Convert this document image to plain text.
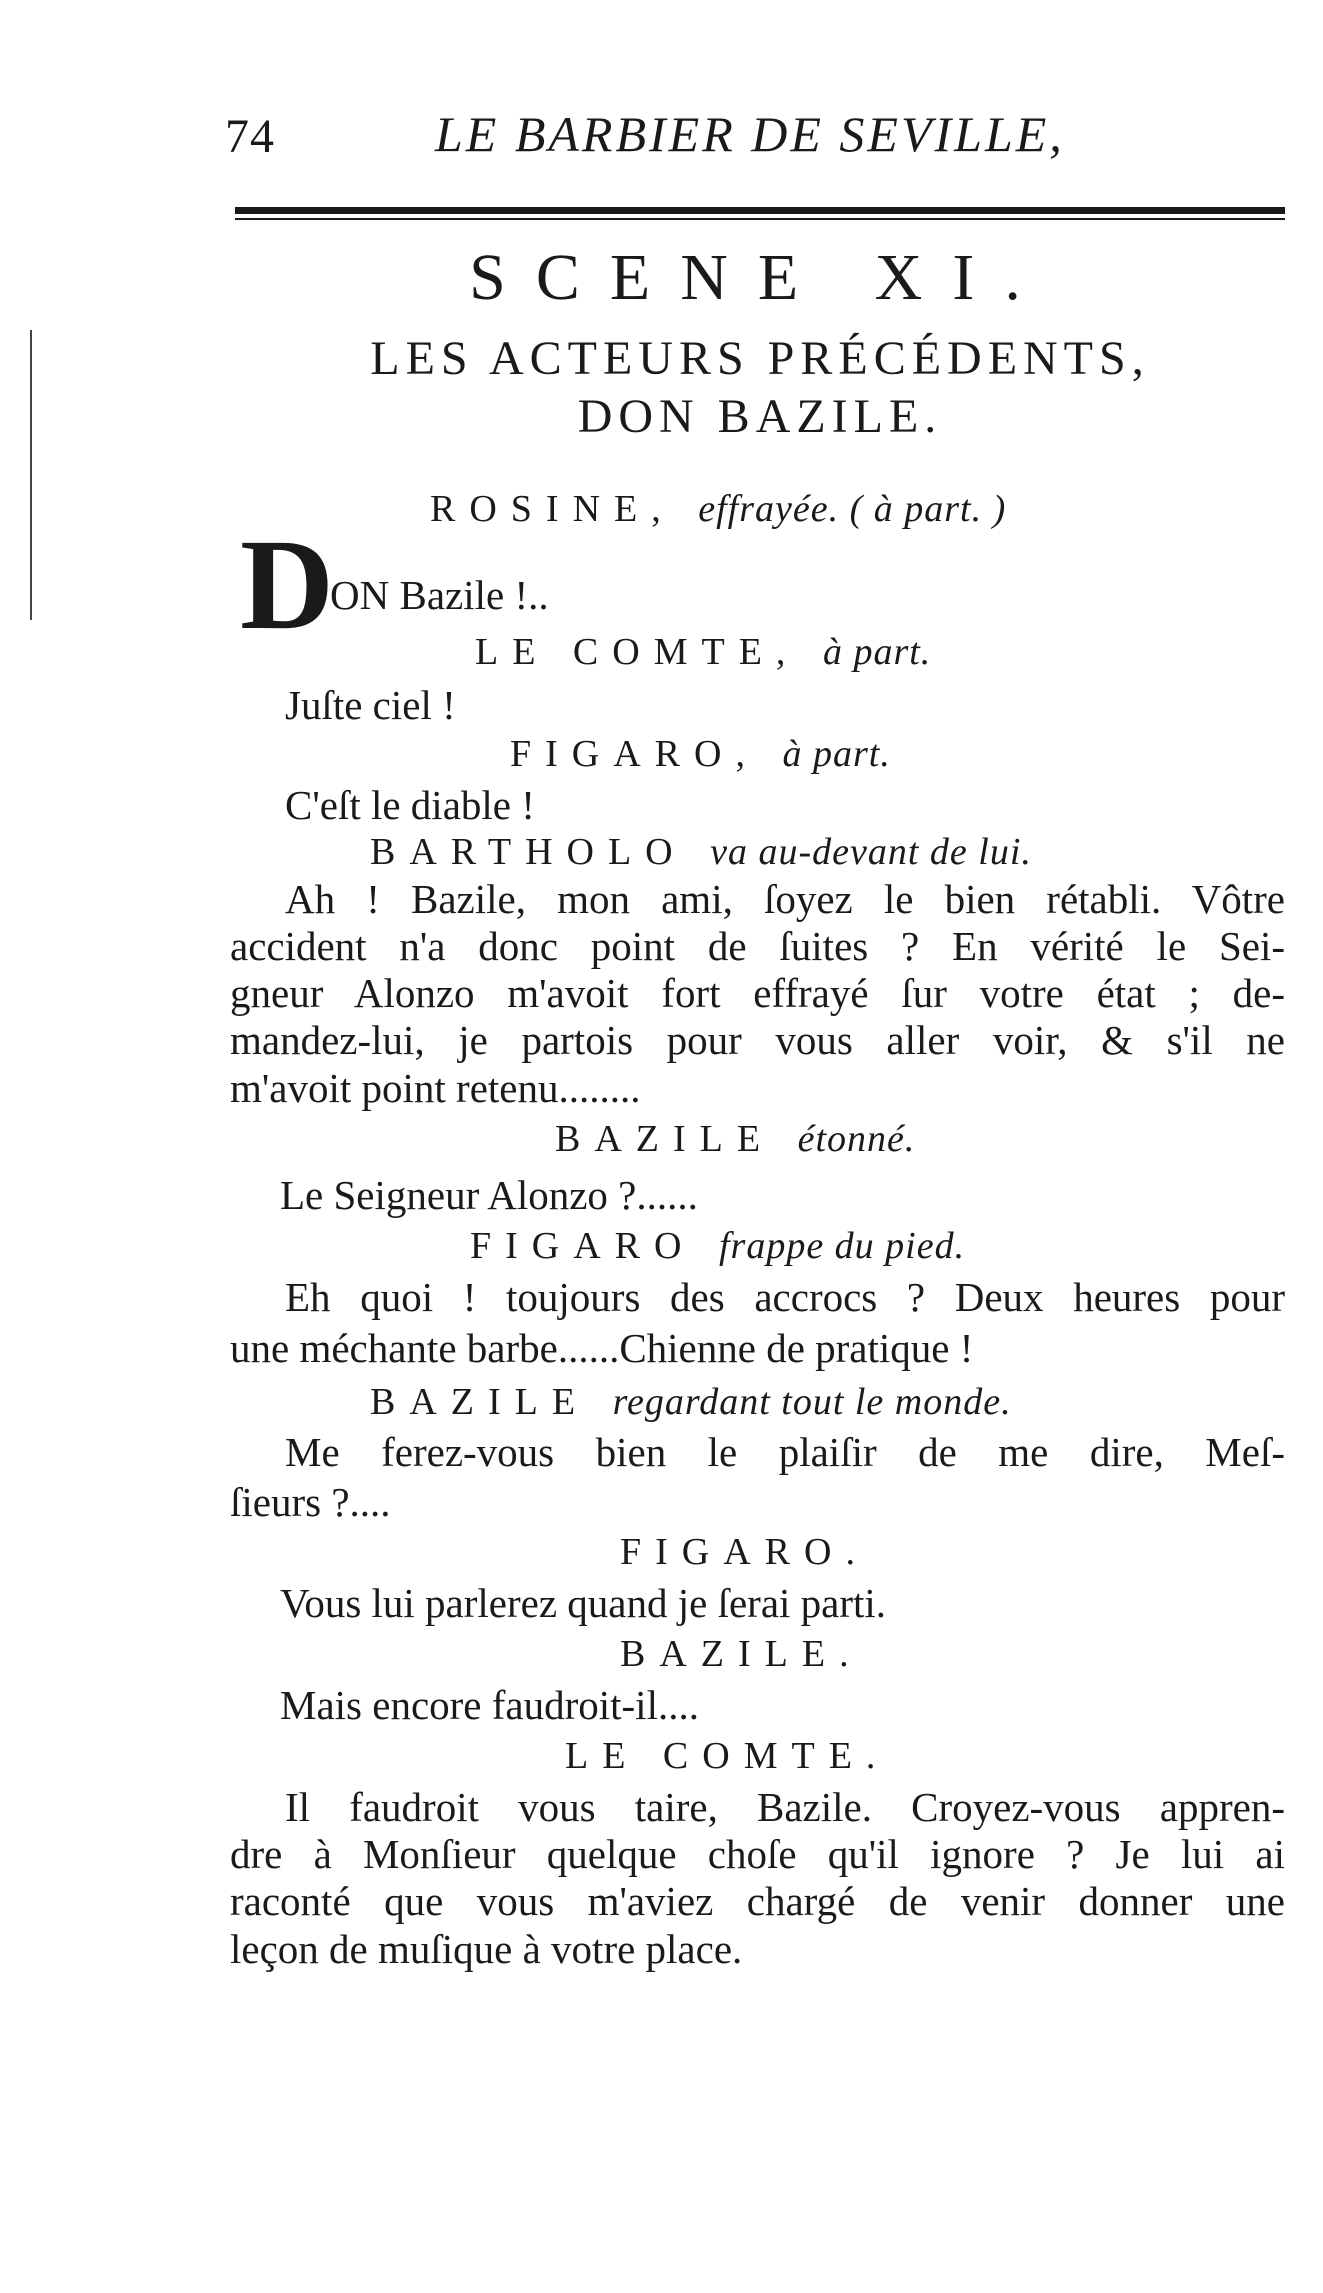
74	LE BARBIER DE SEVILLE,
SCENE XI.
LES ACTEURS PRÉCÉDENTS,
DON BAZILE.
ROSINE, effrayée. ( à part. )
D
ON Bazile !..
LE COMTE, à part.
Juſte ciel !
FIGARO, à part.
C'eſt le diable !
BARTHOLO va au-devant de lui.
Ah ! Bazile, mon ami, ſoyez le bien rétabli. Vôtre
accident n'a donc point de ſuites ? En vérité le Sei-
gneur Alonzo m'avoit fort effrayé ſur votre état ; de-
mandez-lui, je partois pour vous aller voir, & s'il ne
m'avoit point retenu........
BAZILE étonné.
Le Seigneur Alonzo ?......
FIGARO frappe du pied.
Eh quoi ! toujours des accrocs ? Deux heures pour
une méchante barbe......Chienne de pratique !
BAZILE regardant tout le monde.
Me ferez-vous bien le plaiſir de me dire, Meſ-
ſieurs ?....
FIGARO.
Vous lui parlerez quand je ſerai parti.
BAZILE.
Mais encore faudroit-il....
LE COMTE.
Il faudroit vous taire, Bazile. Croyez-vous appren-
dre à Monſieur quelque choſe qu'il ignore ? Je lui ai
raconté que vous m'aviez chargé de venir donner une
leçon de muſique à votre place.
